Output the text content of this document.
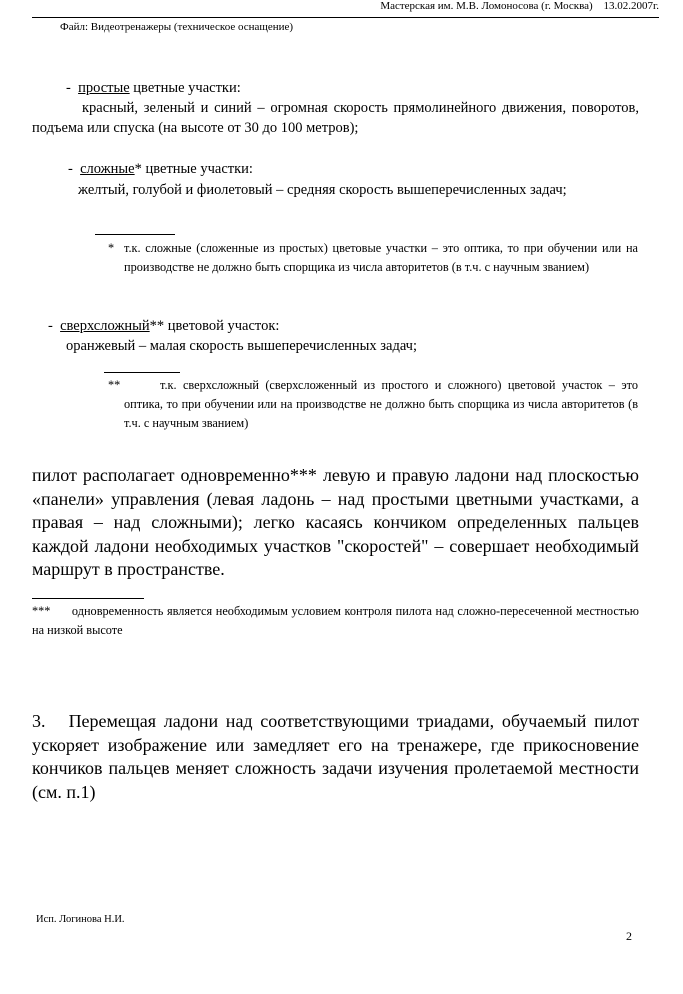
Мастерская им. М.В. Ломоносова (г. Москва) 13.02.2007г.
Файл: Видеотренажеры (техническое оснащение)
- простые цветные участки:
красный, зеленый и синий – огромная скорость прямолинейного движения, поворотов, подъема или спуска (на высоте от 30 до 100 метров);
- сложные* цветные участки:
желтый, голубой и фиолетовый – средняя скорость вышеперечисленных задач;
* т.к. сложные (сложенные из простых) цветовые участки – это оптика, то при обучении или на производстве не должно быть спорщика из числа авторитетов (в т.ч. с научным званием)
- сверхсложный** цветовой участок:
оранжевый – малая скорость вышеперечисленных задач;
**	т.к. сверхсложный (сверхсложенный из простого и сложного) цветовой участок – это оптика, то при обучении или на производстве не должно быть спорщика из числа авторитетов (в т.ч. с научным званием)
пилот располагает одновременно*** левую и правую ладони над плоскостью «панели» управления (левая ладонь – над простыми цветными участками, а правая – над сложными); легко касаясь кончиком определенных пальцев каждой ладони необходимых участков "скоростей" – совершает необходимый маршрут в пространстве.
*** одновременность является необходимым условием контроля пилота над сложно-пересеченной местностью на низкой высоте
3. Перемещая ладони над соответствующими триадами, обучаемый пилот ускоряет изображение или замедляет его на тренажере, где прикосновение кончиков пальцев меняет сложность задачи изучения пролетаемой местности (см. п.1)
Исп. Логинова Н.И.
2
